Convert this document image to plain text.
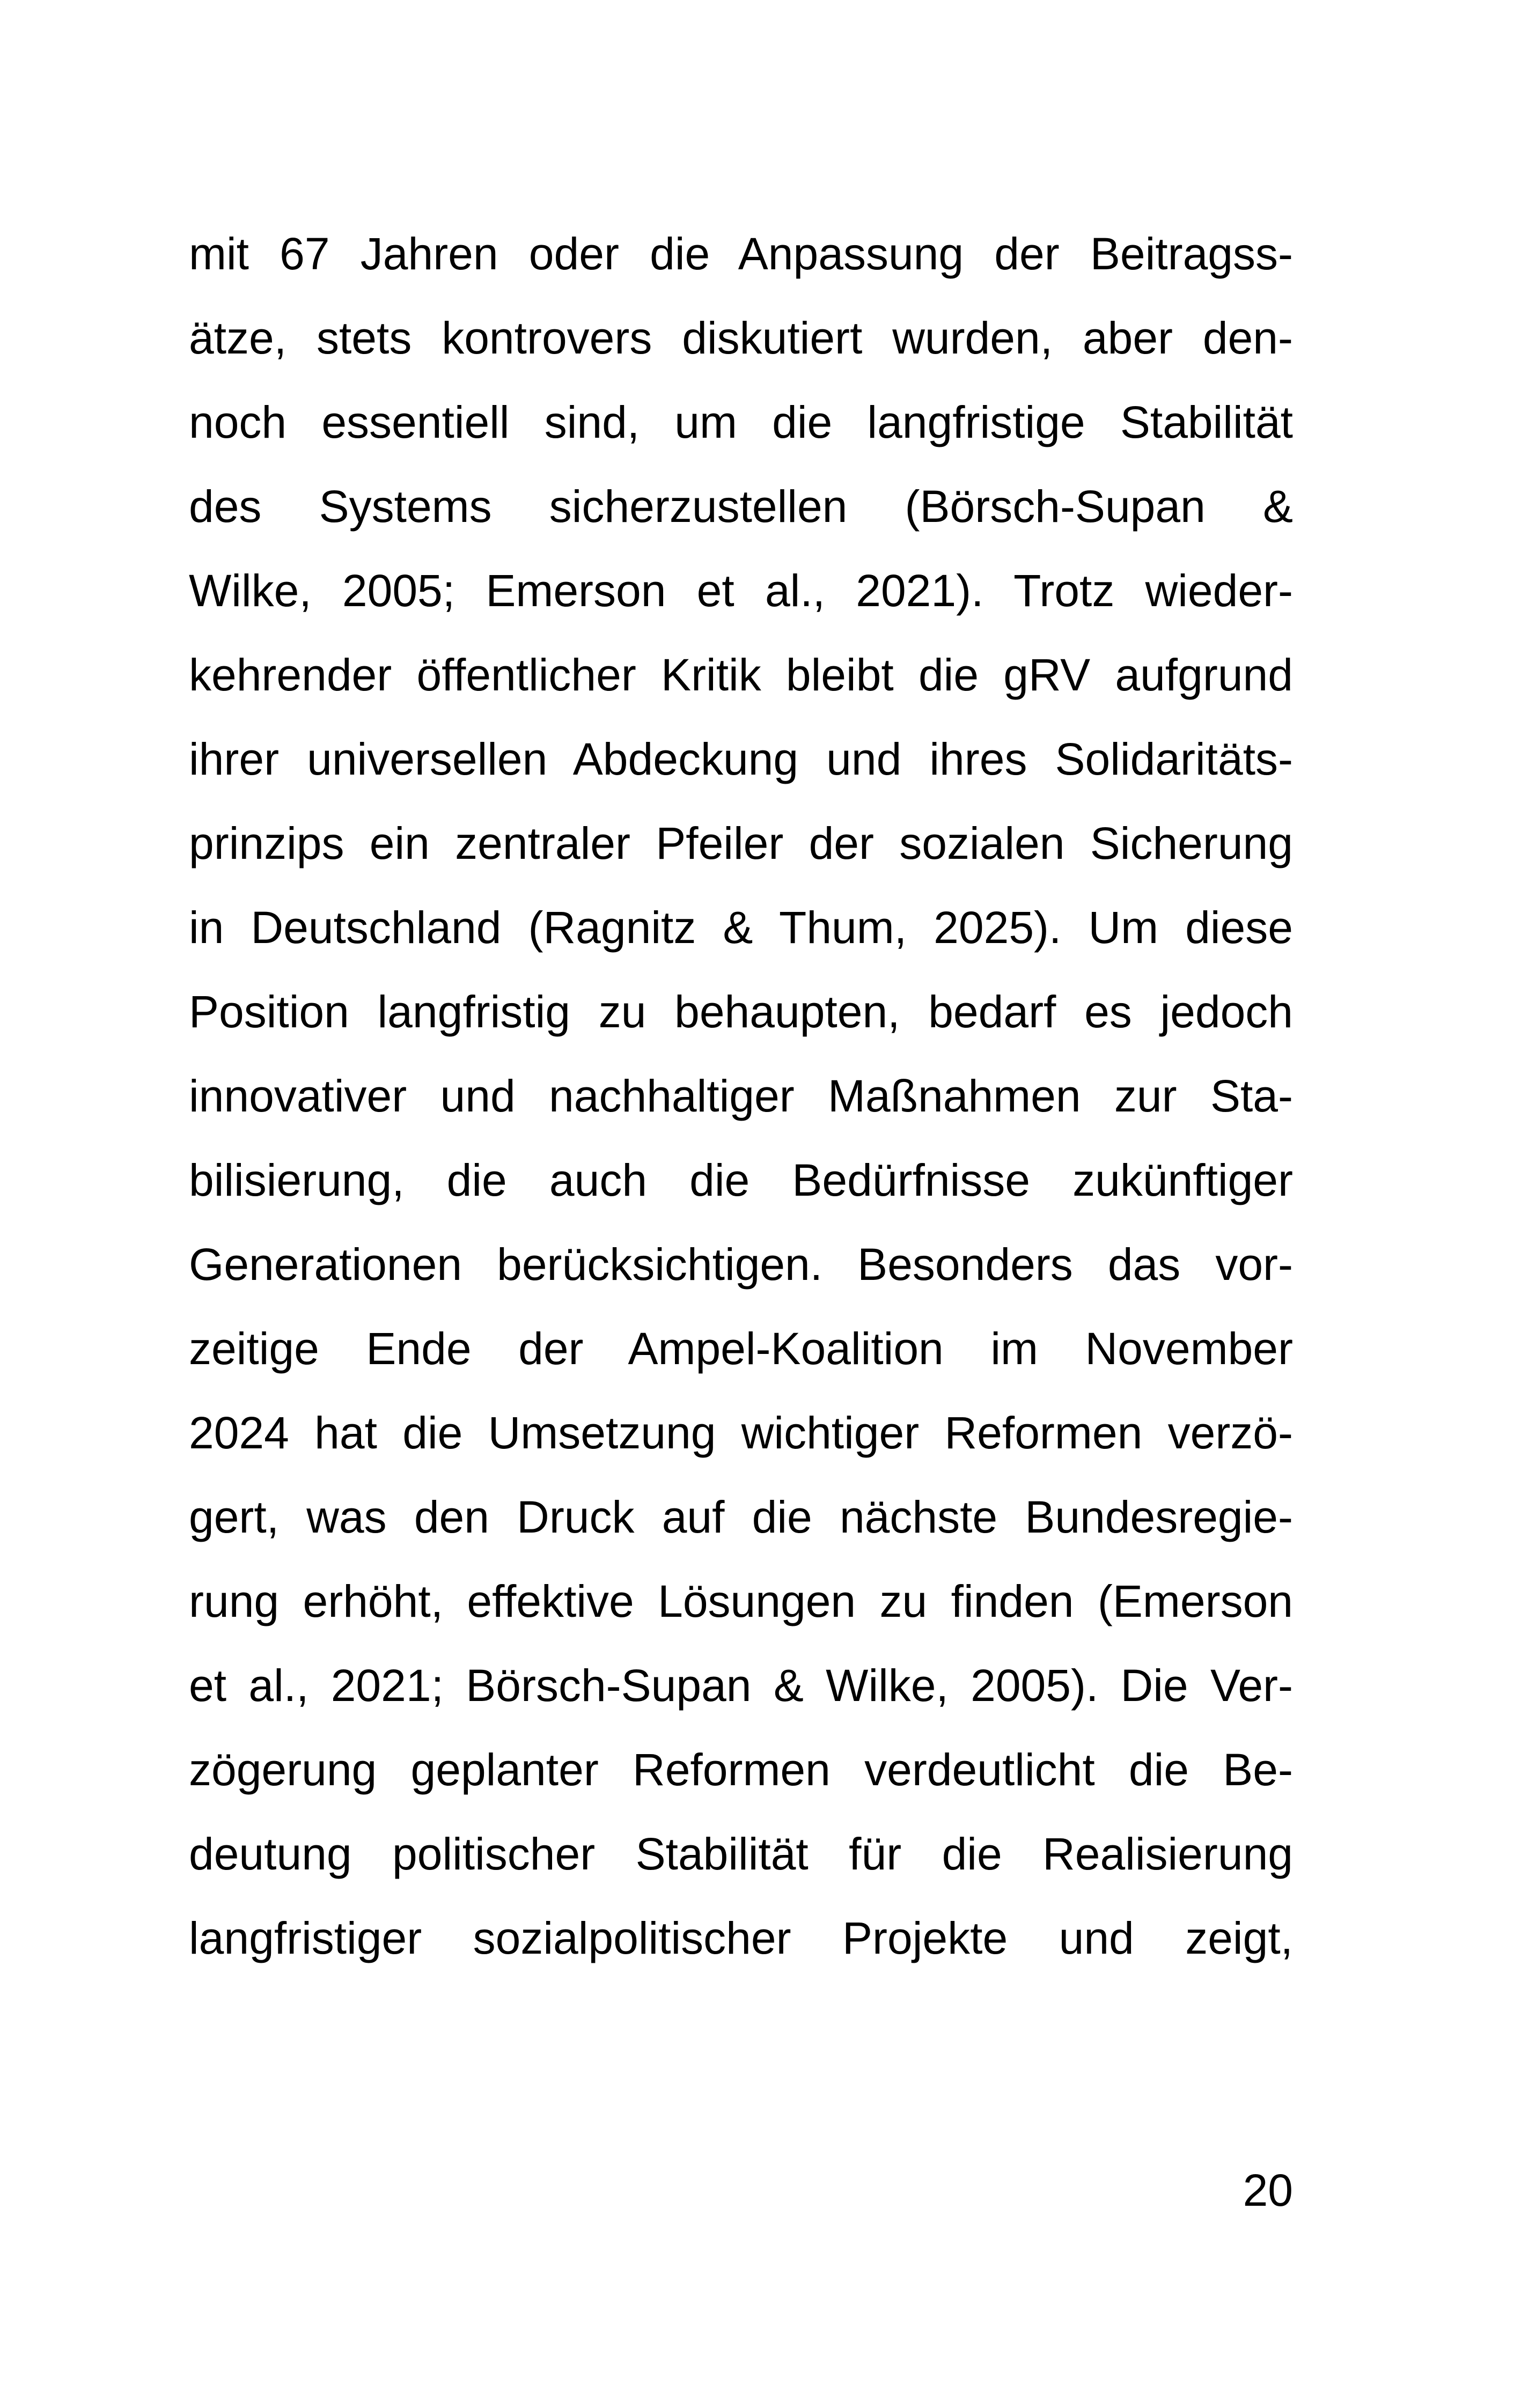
mit 67 Jahren oder die Anpassung der Beitragss-
ätze, stets kontrovers diskutiert wurden, aber den-
noch essentiell sind, um die langfristige Stabilität
des Systems sicherzustellen (Börsch-Supan &
Wilke, 2005; Emerson et al., 2021). Trotz wieder-
kehrender öffentlicher Kritik bleibt die gRV aufgrund
ihrer universellen Abdeckung und ihres Solidaritäts-
prinzips ein zentraler Pfeiler der sozialen Sicherung
in Deutschland (Ragnitz & Thum, 2025). Um diese
Position langfristig zu behaupten, bedarf es jedoch
innovativer und nachhaltiger Maßnahmen zur Sta-
bilisierung, die auch die Bedürfnisse zukünftiger
Generationen berücksichtigen. Besonders das vor-
zeitige Ende der Ampel-Koalition im November
2024 hat die Umsetzung wichtiger Reformen verzö-
gert, was den Druck auf die nächste Bundesregie-
rung erhöht, effektive Lösungen zu finden (Emerson
et al., 2021; Börsch-Supan & Wilke, 2005). Die Ver-
zögerung geplanter Reformen verdeutlicht die Be-
deutung politischer Stabilität für die Realisierung
langfristiger sozialpolitischer Projekte und zeigt,
20
